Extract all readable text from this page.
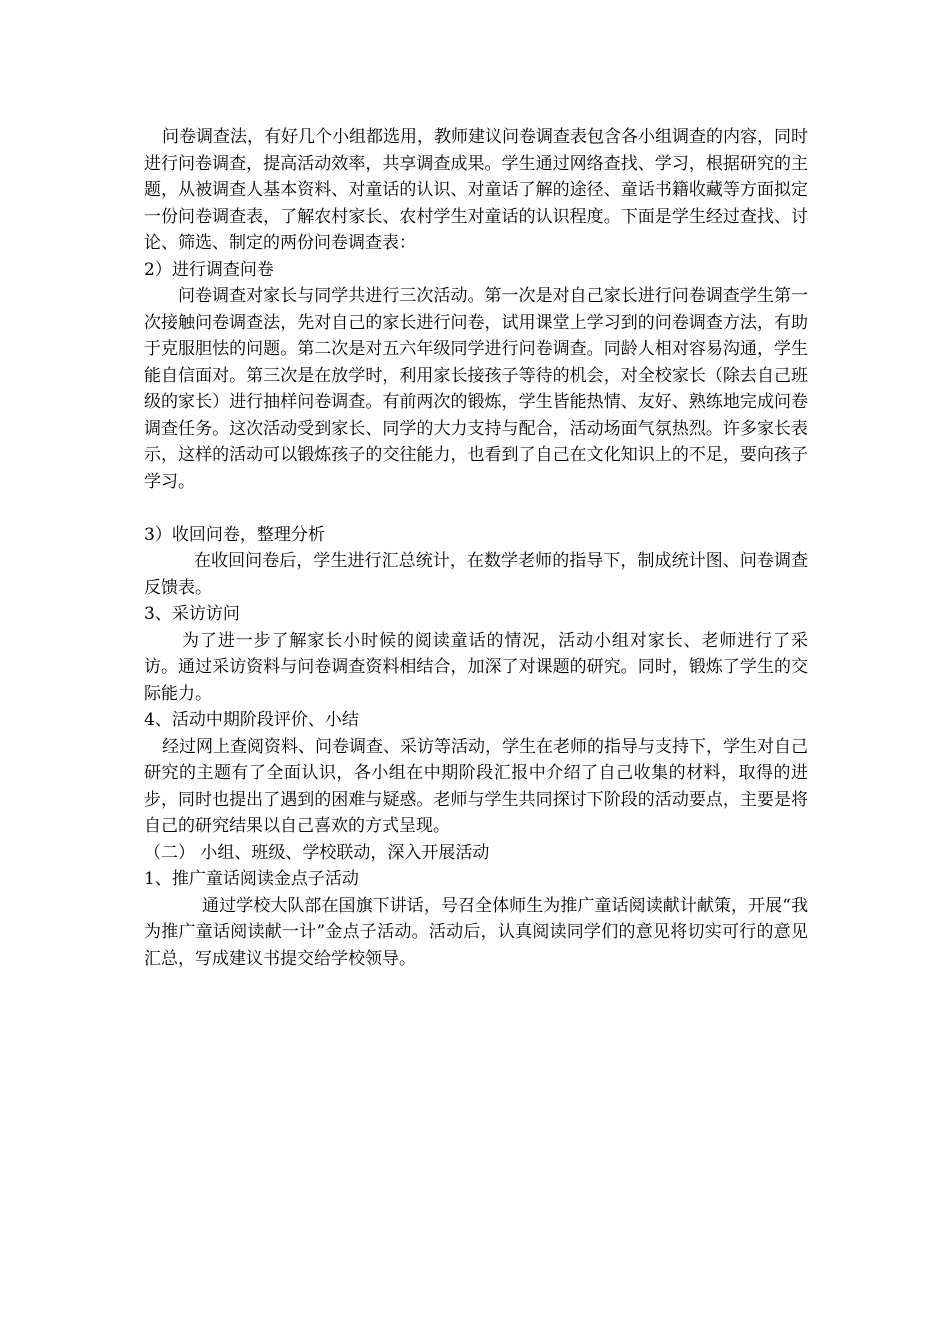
问卷调查法，有好几个小组都选用，教师建议问卷调查表包含各小组调查的内容，同时进行问卷调查，提高活动效率，共享调查成果。学生通过网络查找、学习，根据研究的主题，从被调查人基本资料、对童话的认识、对童话了解的途径、童话书籍收藏等方面拟定一份问卷调查表，了解农村家长、农村学生对童话的认识程度。下面是学生经过查找、讨论、筛选、制定的两份问卷调查表：

2）进行调查问卷

问卷调查对家长与同学共进行三次活动。第一次是对自己家长进行问卷调查学生第一次接触问卷调查法，先对自己的家长进行问卷，试用课堂上学习到的问卷调查方法，有助于克服胆怯的问题。第二次是对五六年级同学进行问卷调查。同龄人相对容易沟通，学生能自信面对。第三次是在放学时，利用家长接孩子等待的机会，对全校家长（除去自己班级的家长）进行抽样问卷调查。有前两次的锻炼，学生皆能热情、友好、熟练地完成问卷调查任务。这次活动受到家长、同学的大力支持与配合，活动场面气氛热烈。许多家长表示，这样的活动可以锻炼孩子的交往能力，也看到了自己在文化知识上的不足，要向孩子学习。

3）收回问卷，整理分析

在收回问卷后，学生进行汇总统计，在数学老师的指导下，制成统计图、问卷调查反馈表。

3、采访访问

为了进一步了解家长小时候的阅读童话的情况，活动小组对家长、老师进行了采访。通过采访资料与问卷调查资料相结合，加深了对课题的研究。同时，锻炼了学生的交际能力。

4、活动中期阶段评价、小结

经过网上查阅资料、问卷调查、采访等活动，学生在老师的指导与支持下，学生对自己研究的主题有了全面认识，各小组在中期阶段汇报中介绍了自己收集的材料，取得的进步，同时也提出了遇到的困难与疑惑。老师与学生共同探讨下阶段的活动要点，主要是将自己的研究结果以自己喜欢的方式呈现。

（二） 小组、班级、学校联动，深入开展活动

1、推广童话阅读金点子活动

通过学校大队部在国旗下讲话，号召全体师生为推广童话阅读献计献策，开展“我为推广童话阅读献一计”金点子活动。活动后，认真阅读同学们的意见将切实可行的意见汇总，写成建议书提交给学校领导。
